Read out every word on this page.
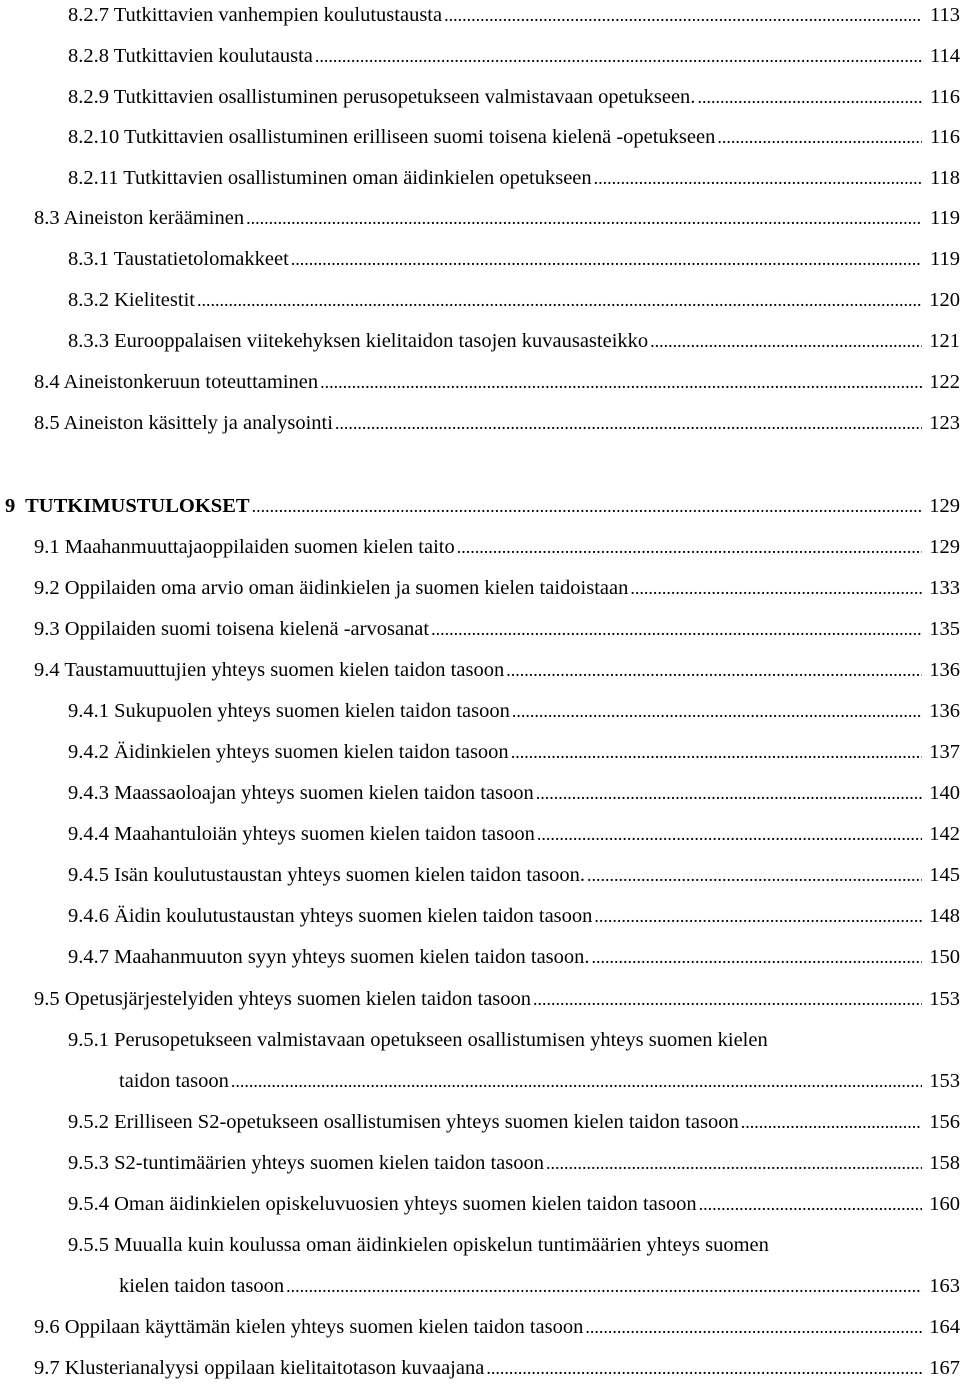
8.2.7 Tutkittavien vanhempien koulutustausta .....	113
8.2.8 Tutkittavien koulutausta .....	114
8.2.9 Tutkittavien osallistuminen perusopetukseen valmistavaan opetukseen. .....	116
8.2.10 Tutkittavien osallistuminen erilliseen suomi toisena kielenä -opetukseen .....	116
8.2.11 Tutkittavien osallistuminen oman äidinkielen opetukseen .....	118
8.3 Aineiston kerääminen .....	119
8.3.1 Taustatietolomakkeet .....	119
8.3.2 Kielitestit .....	120
8.3.3 Eurooppalaisen viitekehyksen kielitaidon tasojen kuvausasteikko .....	121
8.4 Aineistonkeruun toteuttaminen .....	122
8.5 Aineiston käsittely ja analysointi .....	123
9  TUTKIMUSTULOKSET .....	129
9.1 Maahanmuuttajaoppilaiden suomen kielen taito .....	129
9.2 Oppilaiden oma arvio oman äidinkielen ja suomen kielen taidoistaan .....	133
9.3 Oppilaiden suomi toisena kielenä -arvosanat .....	135
9.4 Taustamuuttujien yhteys suomen kielen taidon tasoon .....	136
9.4.1 Sukupuolen yhteys suomen kielen taidon tasoon .....	136
9.4.2 Äidinkielen yhteys suomen kielen taidon tasoon .....	137
9.4.3 Maassaoloajan yhteys suomen kielen taidon tasoon .....	140
9.4.4 Maahantuloiän yhteys suomen kielen taidon tasoon .....	142
9.4.5 Isän koulutustaustan yhteys suomen kielen taidon tasoon. .....	145
9.4.6 Äidin koulutustaustan yhteys suomen kielen taidon tasoon .....	148
9.4.7 Maahanmuuton syyn yhteys suomen kielen taidon tasoon. .....	150
9.5 Opetusjärjestelyiden yhteys suomen kielen taidon tasoon .....	153
9.5.1 Perusopetukseen valmistavaan opetukseen osallistumisen yhteys suomen kielen
taidon tasoon .....	153
9.5.2 Erilliseen S2-opetukseen osallistumisen yhteys suomen kielen taidon tasoon .....	156
9.5.3 S2-tuntimäärien yhteys suomen kielen taidon tasoon .....	158
9.5.4 Oman äidinkielen opiskeluvuosien yhteys suomen kielen taidon tasoon .....	160
9.5.5 Muualla kuin koulussa oman äidinkielen opiskelun tuntimäärien yhteys suomen
kielen taidon tasoon .....	163
9.6 Oppilaan käyttämän kielen yhteys suomen kielen taidon tasoon .....	164
9.7 Klusterianalyysi oppilaan kielitaitotason kuvaajana .....	167
